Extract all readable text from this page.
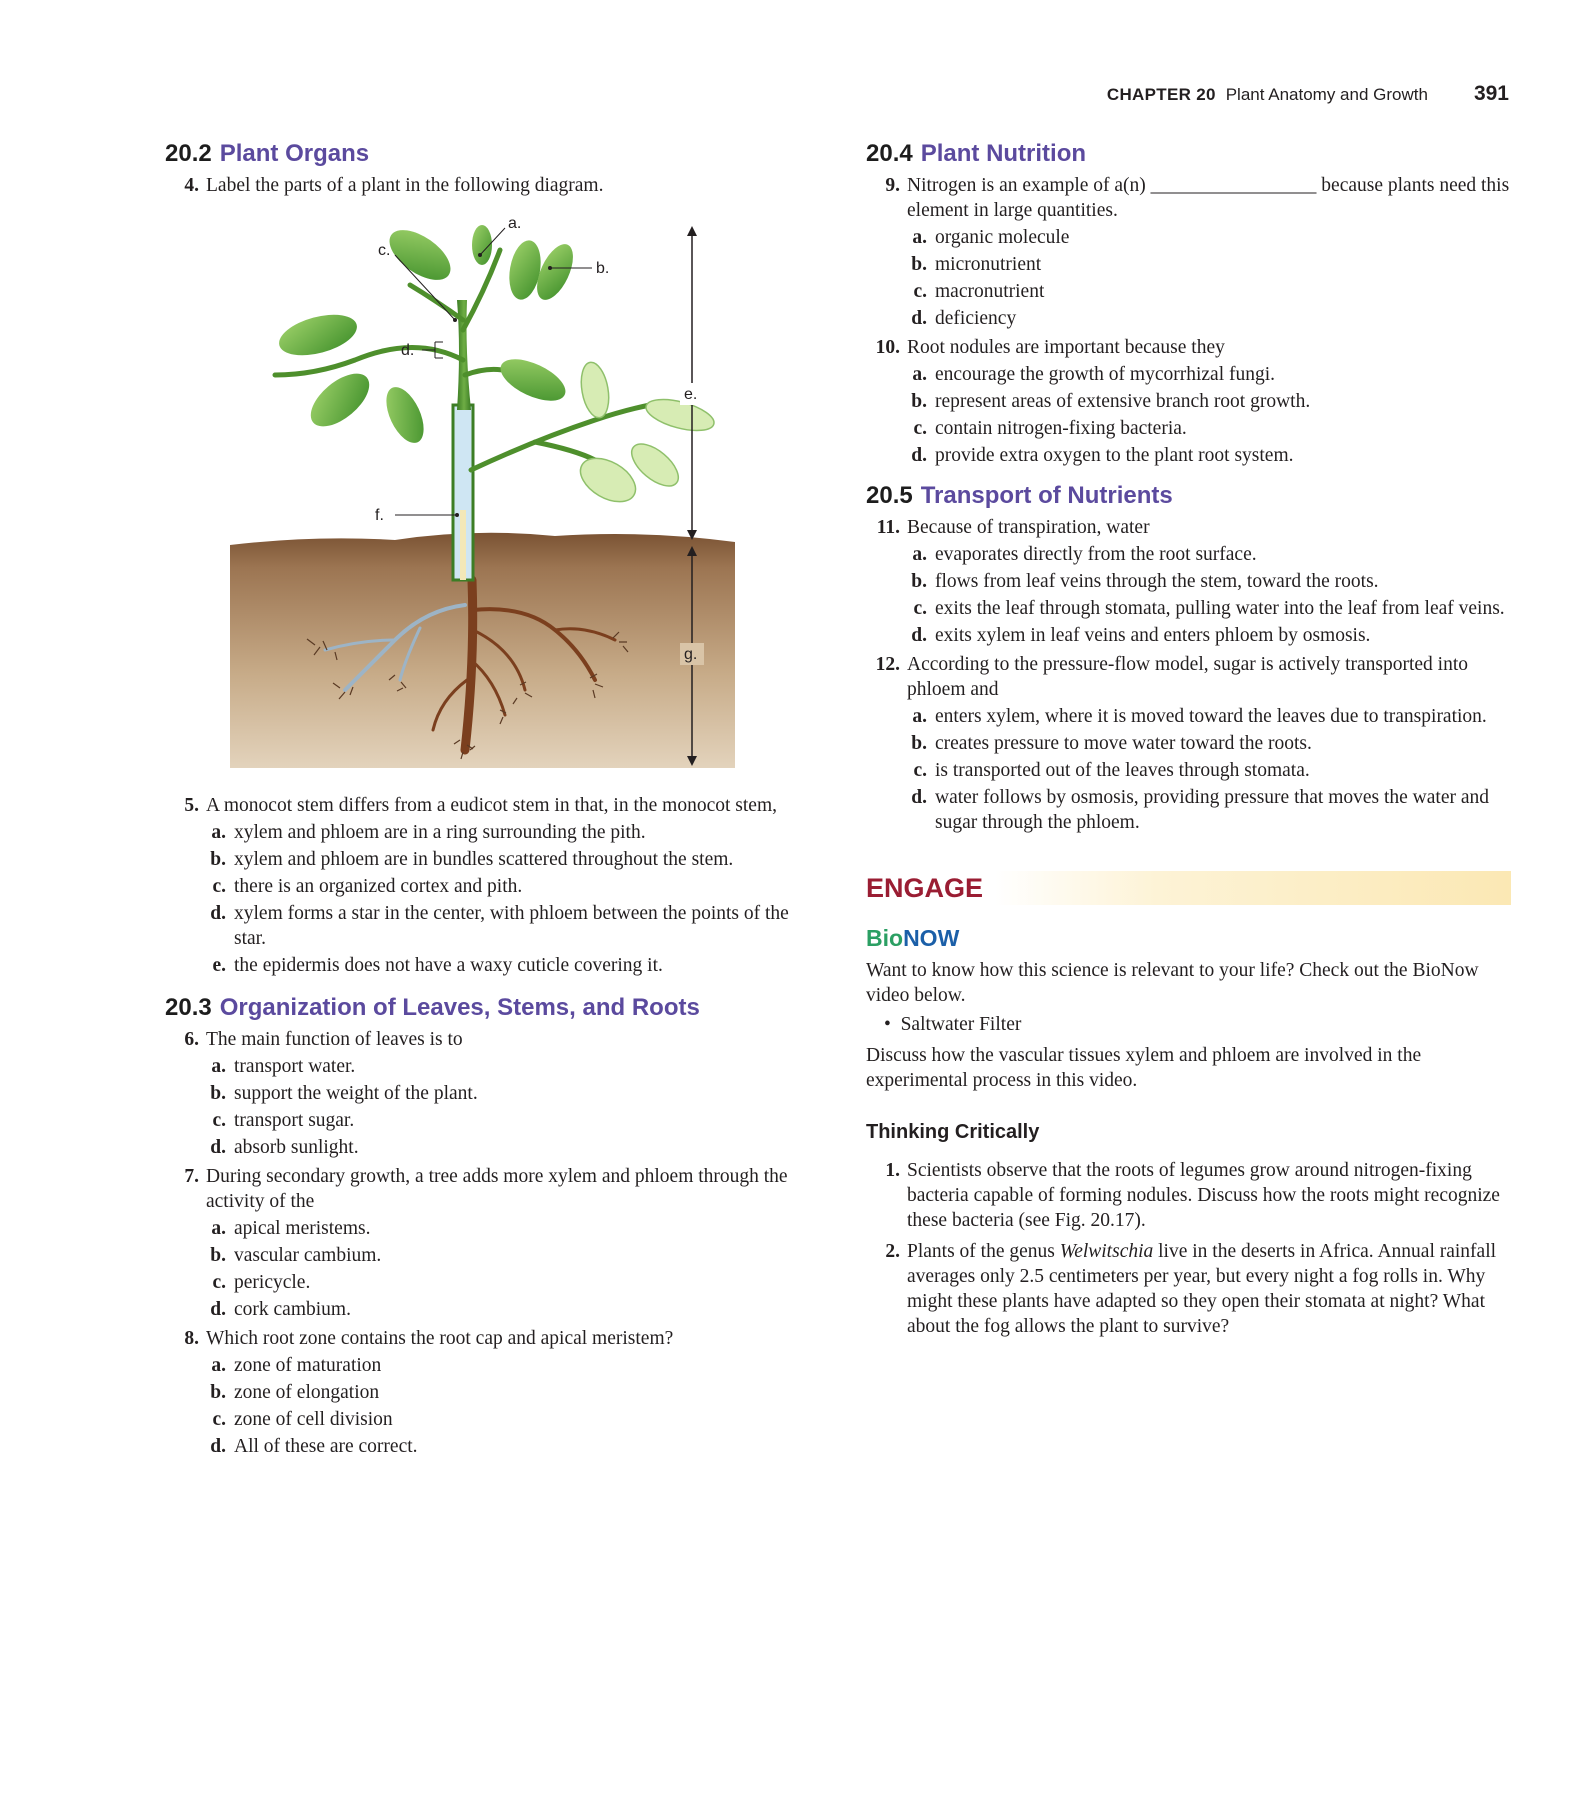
CHAPTER 20 Plant Anatomy and Growth 391
20.2 Plant Organs
4. Label the parts of a plant in the following diagram.
a.
c.
b.
d.
e.
f.
g.
5. A monocot stem differs from a eudicot stem in that, in the monocot stem,
a. xylem and phloem are in a ring surrounding the pith.
b. xylem and phloem are in bundles scattered throughout the stem.
c. there is an organized cortex and pith.
d. xylem forms a star in the center, with phloem between the points of the star.
e. the epidermis does not have a waxy cuticle covering it.
20.3 Organization of Leaves, Stems, and Roots
6. The main function of leaves is to
a. transport water.
b. support the weight of the plant.
c. transport sugar.
d. absorb sunlight.
7. During secondary growth, a tree adds more xylem and phloem through the activity of the
a. apical meristems.
b. vascular cambium.
c. pericycle.
d. cork cambium.
8. Which root zone contains the root cap and apical meristem?
a. zone of maturation
b. zone of elongation
c. zone of cell division
d. All of these are correct.
20.4 Plant Nutrition
9. Nitrogen is an example of a(n) _________________ because plants need this element in large quantities.
a. organic molecule
b. micronutrient
c. macronutrient
d. deficiency
10. Root nodules are important because they
a. encourage the growth of mycorrhizal fungi.
b. represent areas of extensive branch root growth.
c. contain nitrogen-fixing bacteria.
d. provide extra oxygen to the plant root system.
20.5 Transport of Nutrients
11. Because of transpiration, water
a. evaporates directly from the root surface.
b. flows from leaf veins through the stem, toward the roots.
c. exits the leaf through stomata, pulling water into the leaf from leaf veins.
d. exits xylem in leaf veins and enters phloem by osmosis.
12. According to the pressure-flow model, sugar is actively transported into phloem and
a. enters xylem, where it is moved toward the leaves due to transpiration.
b. creates pressure to move water toward the roots.
c. is transported out of the leaves through stomata.
d. water follows by osmosis, providing pressure that moves the water and sugar through the phloem.
ENGAGE
BioNOW
Want to know how this science is relevant to your life? Check out the BioNow video below.
•  Saltwater Filter
Discuss how the vascular tissues xylem and phloem are involved in the experimental process in this video.
Thinking Critically
1. Scientists observe that the roots of legumes grow around nitrogen-fixing bacteria capable of forming nodules. Discuss how the roots might recognize these bacteria (see Fig. 20.17).
2. Plants of the genus Welwitschia live in the deserts in Africa. Annual rainfall averages only 2.5 centimeters per year, but every night a fog rolls in. Why might these plants have adapted so they open their stomata at night? What about the fog allows the plant to survive?
